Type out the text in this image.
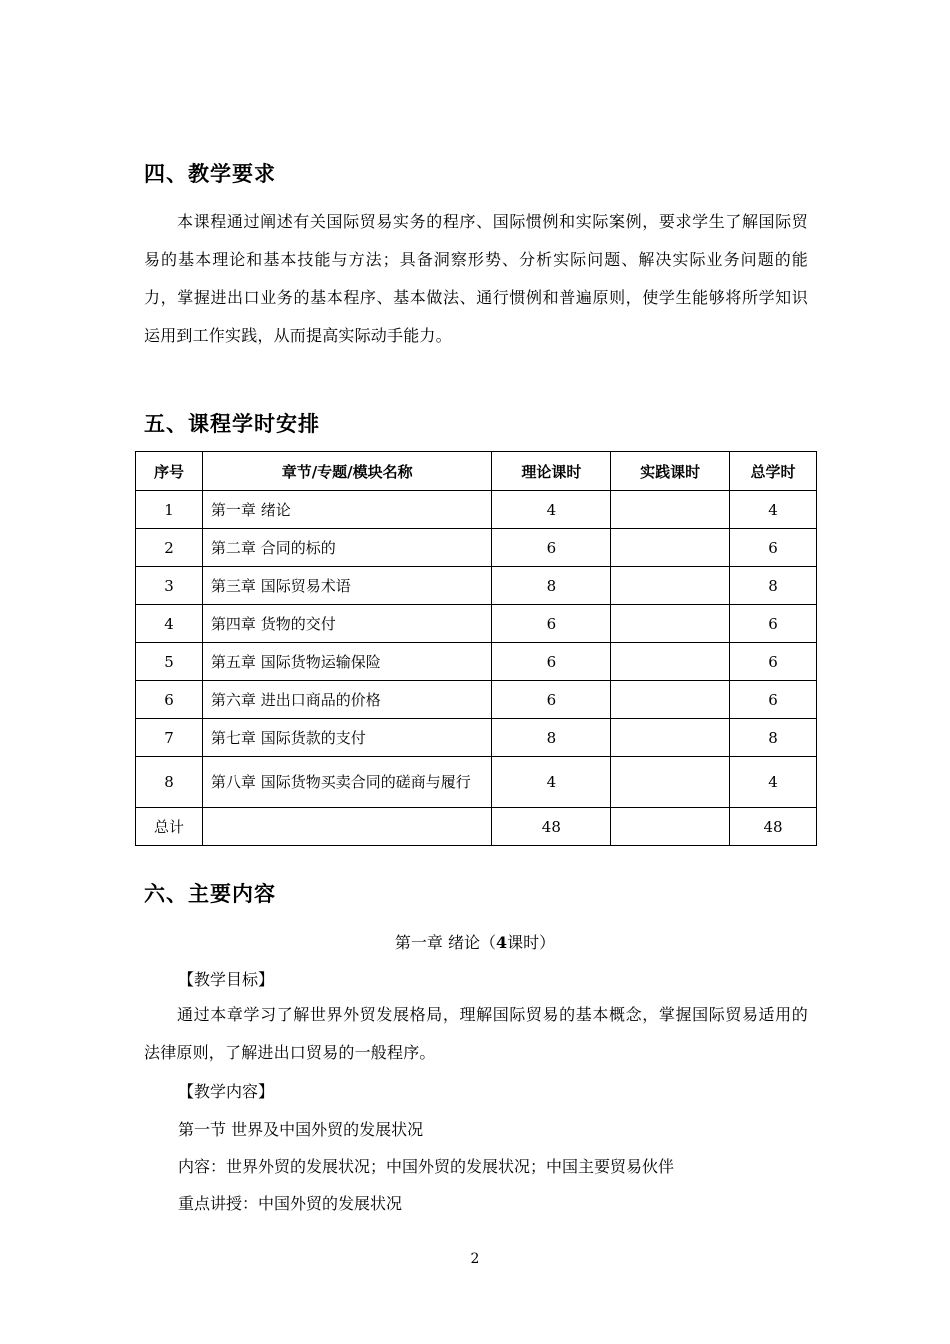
四、教学要求

本课程通过阐述有关国际贸易实务的程序、国际惯例和实际案例，要求学生了解国际贸易的基本理论和基本技能与方法；具备洞察形势、分析实际问题、解决实际业务问题的能力，掌握进出口业务的基本程序、基本做法、通行惯例和普遍原则，使学生能够将所学知识运用到工作实践，从而提高实际动手能力。

五、课程学时安排
序号	章节/专题/模块名称	理论课时	实践课时	总学时
1	第一章 绪论	4		4
2	第二章 合同的标的	6		6
3	第三章 国际贸易术语	8		8
4	第四章 货物的交付	6		6
5	第五章 国际货物运输保险	6		6
6	第六章 进出口商品的价格	6		6
7	第七章 国际货款的支付	8		8
8	第八章 国际货物买卖合同的磋商与履行	4		4
总计		48		48
六、主要内容
第一章 绪论（4课时）

【教学目标】

通过本章学习了解世界外贸发展格局，理解国际贸易的基本概念，掌握国际贸易适用的法律原则，了解进出口贸易的一般程序。

【教学内容】

第一节 世界及中国外贸的发展状况

内容：世界外贸的发展状况；中国外贸的发展状况；中国主要贸易伙伴

重点讲授：中国外贸的发展状况

2
